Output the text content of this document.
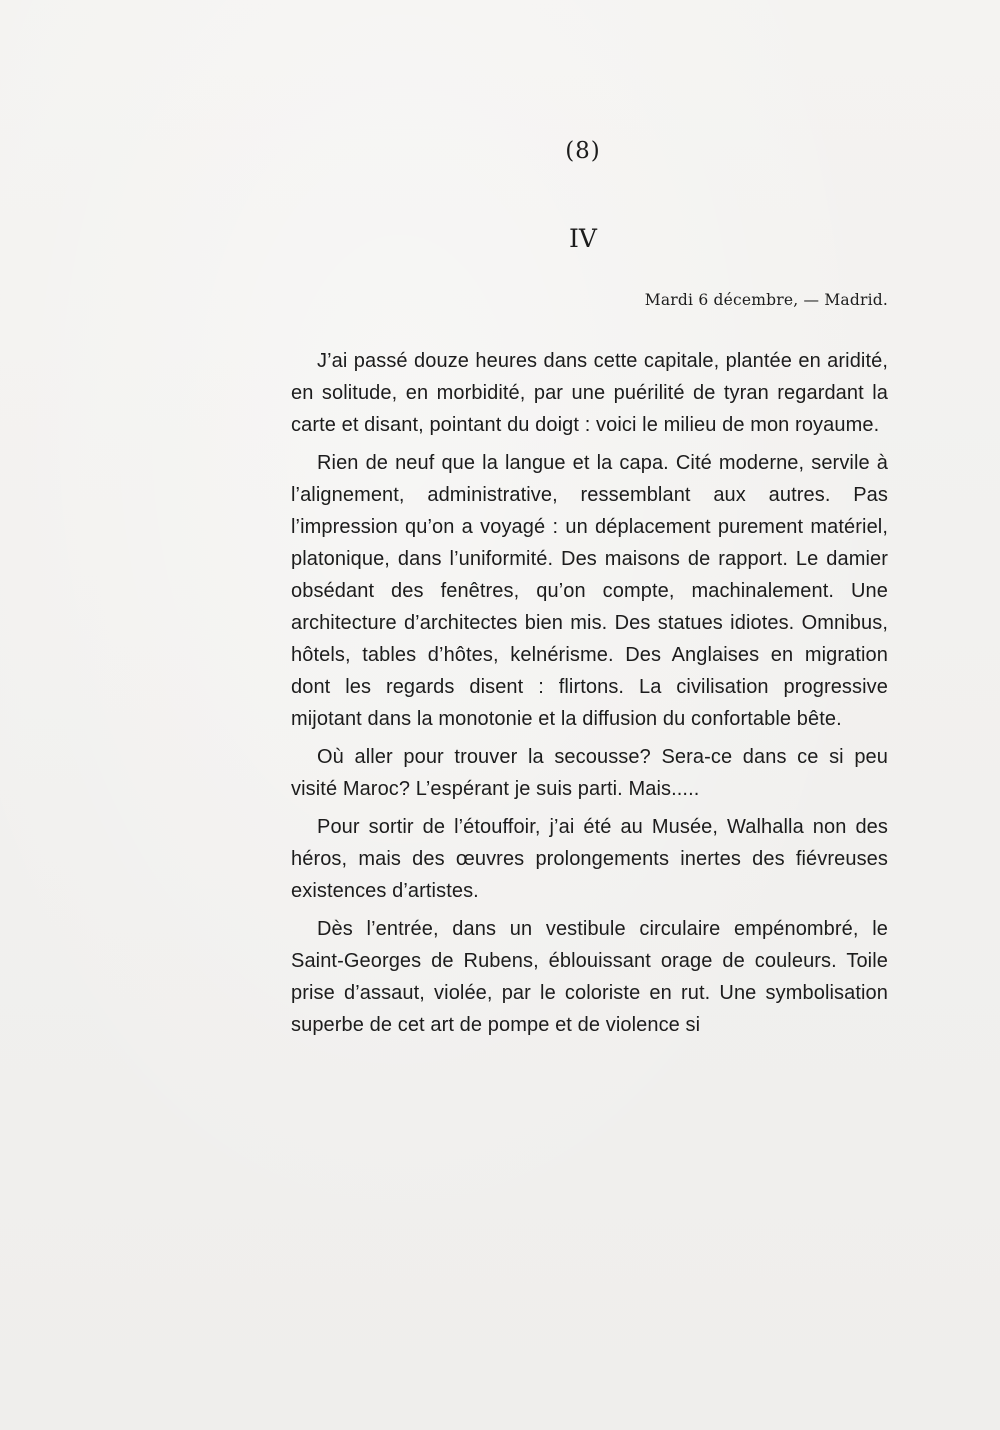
(8)
IV
Mardi 6 décembre, — Madrid.

J’ai passé douze heures dans cette capitale, plantée en aridité, en solitude, en morbidité, par une puérilité de tyran regardant la carte et disant, pointant du doigt : voici le milieu de mon royaume.

Rien de neuf que la langue et la capa. Cité moderne, servile à l’alignement, administrative, ressemblant aux autres. Pas l’impression qu’on a voyagé : un déplacement purement matériel, platonique, dans l’uniformité. Des maisons de rapport. Le damier obsédant des fenêtres, qu’on compte, machinalement. Une architecture d’architectes bien mis. Des statues idiotes. Omnibus, hôtels, tables d’hôtes, kelnérisme. Des Anglaises en migration dont les regards disent : flirtons. La civilisation progressive mijotant dans la monotonie et la diffusion du confortable bête.

Où aller pour trouver la secousse? Sera-ce dans ce si peu visité Maroc? L’espérant je suis parti. Mais.....

Pour sortir de l’étouffoir, j’ai été au Musée, Walhalla non des héros, mais des œuvres prolongements inertes des fiévreuses existences d’artistes.

Dès l’entrée, dans un vestibule circulaire empénombré, le Saint-Georges de Rubens, éblouissant orage de couleurs. Toile prise d’assaut, violée, par le coloriste en rut. Une symbolisation superbe de cet art de pompe et de violence si
